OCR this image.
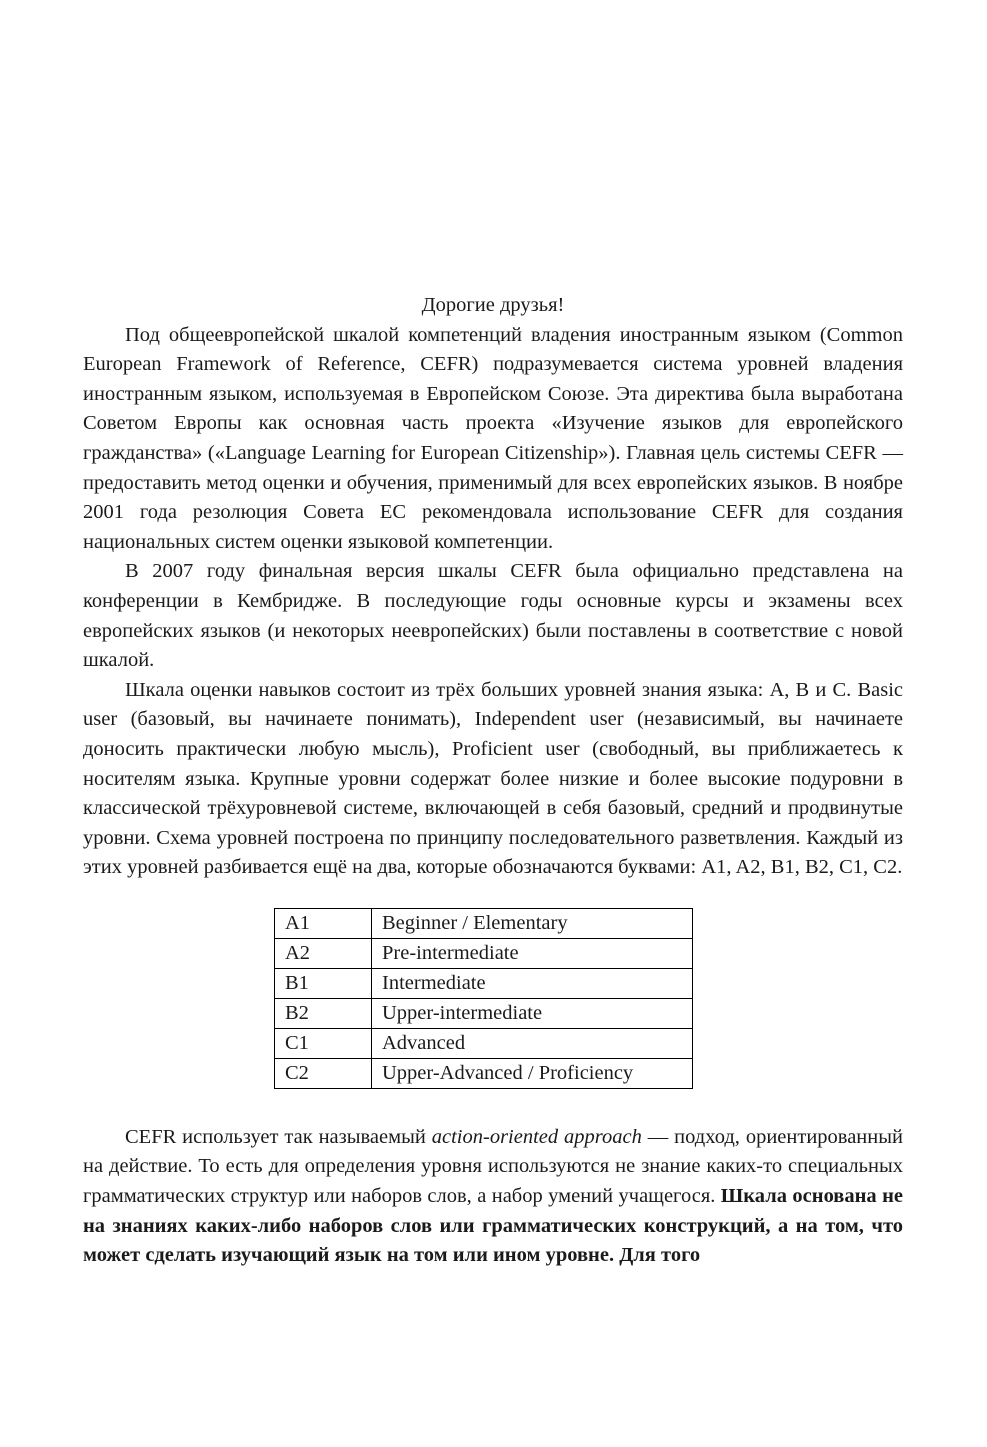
Дорогие друзья!

Под общеевропейской шкалой компетенций владения иностранным языком (Common European Framework of Reference, CEFR) подразумевается система уровней владения иностранным языком, используемая в Европейском Союзе. Эта директива была выработана Советом Европы как основная часть проекта «Изучение языков для европейского гражданства» («Language Learning for European Citizenship»). Главная цель системы CEFR — предоставить метод оценки и обучения, применимый для всех европейских языков. В ноябре 2001 года резолюция Совета ЕС рекомендовала использование CEFR для создания национальных систем оценки языковой компетенции.

В 2007 году финальная версия шкалы CEFR была официально представлена на конференции в Кембридже. В последующие годы основные курсы и экзамены всех европейских языков (и некоторых неевропейских) были поставлены в соответствие с новой шкалой.

Шкала оценки навыков состоит из трёх больших уровней знания языка: A, B и C. Basic user (базовый, вы начинаете понимать), Independent user (независимый, вы начинаете доносить практически любую мысль), Proficient user (свободный, вы приближаетесь к носителям языка. Крупные уровни содержат более низкие и более высокие подуровни в классической трёхуровневой системе, включающей в себя базовый, средний и продвинутые уровни. Схема уровней построена по принципу последовательного разветвления. Каждый из этих уровней разбивается ещё на два, которые обозначаются буквами: A1, A2, B1, B2, C1, C2.

A1	Beginner / Elementary
A2	Pre-intermediate
B1	Intermediate
B2	Upper-intermediate
C1	Advanced
C2	Upper-Advanced / Proficiency

CEFR использует так называемый action-oriented approach — подход, ориентированный на действие. То есть для определения уровня используются не знание каких-то специальных грамматических структур или наборов слов, а набор умений учащегося. Шкала основана не на знаниях каких-либо наборов слов или грамматических конструкций, а на том, что может сделать изучающий язык на том или ином уровне. Для того
